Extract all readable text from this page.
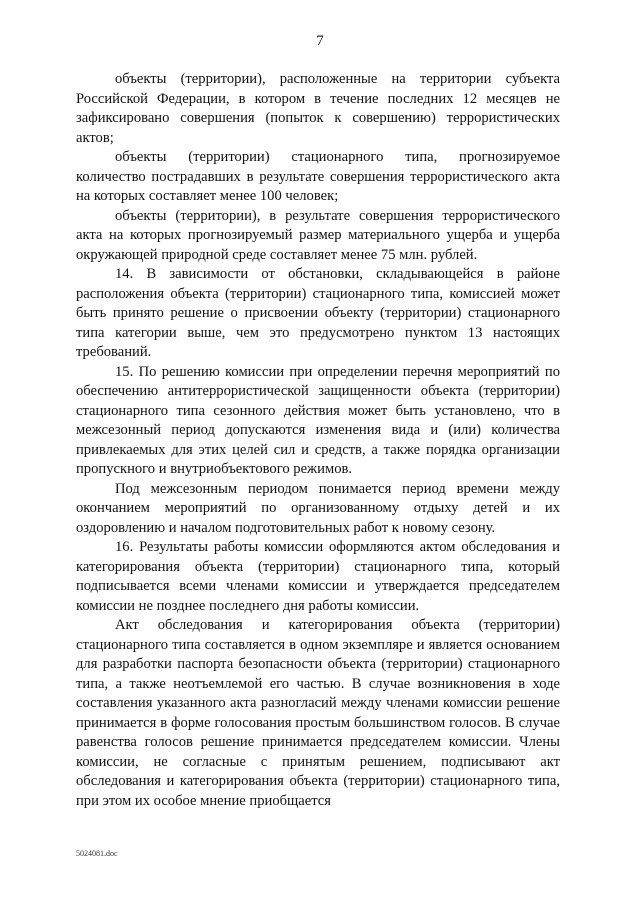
7

объекты (территории), расположенные на территории субъекта Российской Федерации, в котором в течение последних 12 месяцев не зафиксировано совершения (попыток к совершению) террористических актов;

объекты (территории) стационарного типа, прогнозируемое количество пострадавших в результате совершения террористического акта на которых составляет менее 100 человек;

объекты (территории), в результате совершения террористического акта на которых прогнозируемый размер материального ущерба и ущерба окружающей природной среде составляет менее 75 млн. рублей.

14. В зависимости от обстановки, складывающейся в районе расположения объекта (территории) стационарного типа, комиссией может быть принято решение о присвоении объекту (территории) стационарного типа категории выше, чем это предусмотрено пунктом 13 настоящих требований.

15. По решению комиссии при определении перечня мероприятий по обеспечению антитеррористической защищенности объекта (территории) стационарного типа сезонного действия может быть установлено, что в межсезонный период допускаются изменения вида и (или) количества привлекаемых для этих целей сил и средств, а также порядка организации пропускного и внутриобъектового режимов.

Под межсезонным периодом понимается период времени между окончанием мероприятий по организованному отдыху детей и их оздоровлению и началом подготовительных работ к новому сезону.

16. Результаты работы комиссии оформляются актом обследования и категорирования объекта (территории) стационарного типа, который подписывается всеми членами комиссии и утверждается председателем комиссии не позднее последнего дня работы комиссии.

Акт обследования и категорирования объекта (территории) стационарного типа составляется в одном экземпляре и является основанием для разработки паспорта безопасности объекта (территории) стационарного типа, а также неотъемлемой его частью. В случае возникновения в ходе составления указанного акта разногласий между членами комиссии решение принимается в форме голосования простым большинством голосов. В случае равенства голосов решение принимается председателем комиссии. Члены комиссии, не согласные с принятым решением, подписывают акт обследования и категорирования объекта (территории) стационарного типа, при этом их особое мнение приобщается

5024081.doc
